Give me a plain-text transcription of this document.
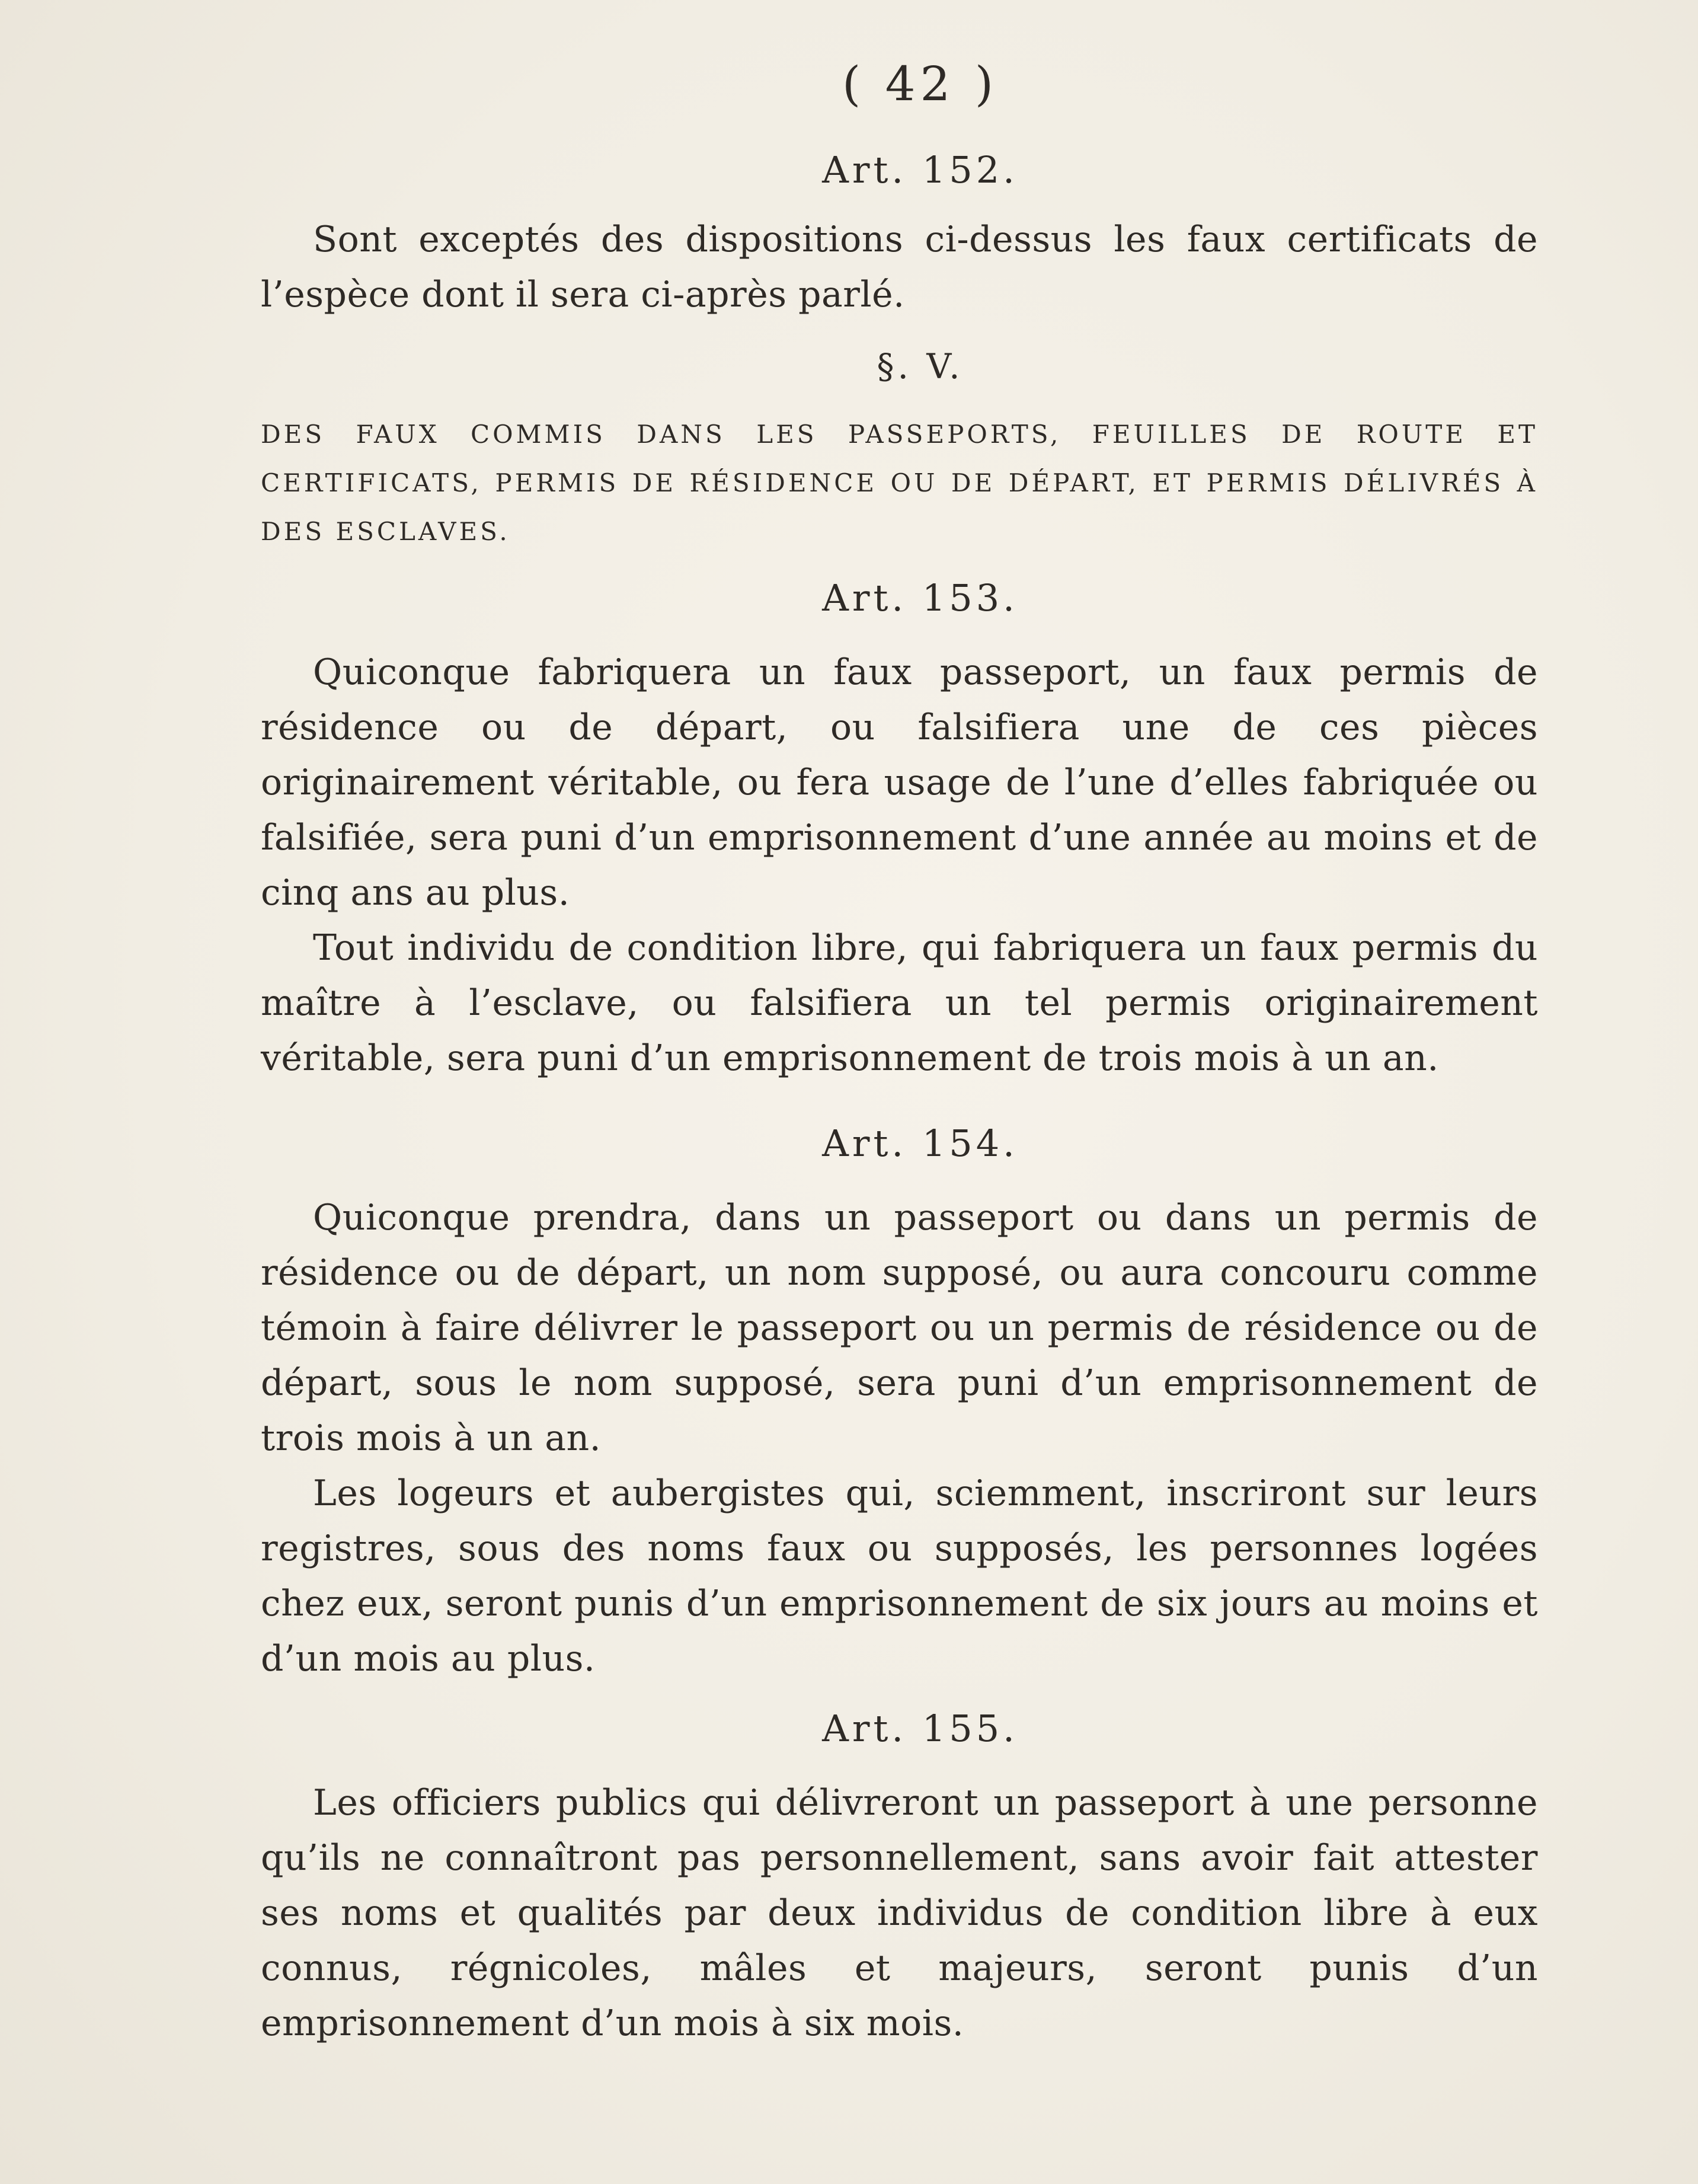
( 42 )
Art. 152.

Sont exceptés des dispositions ci-dessus les faux certificats de l’espèce dont il sera ci-après parlé.

§. V.

DES FAUX COMMIS DANS LES PASSEPORTS, FEUILLES DE ROUTE ET CERTIFICATS, PERMIS DE RÉSIDENCE OU DE DÉPART, ET PERMIS DÉLIVRÉS À DES ESCLAVES.

Art. 153.

Quiconque fabriquera un faux passeport, un faux permis de résidence ou de départ, ou falsifiera une de ces pièces originairement véritable, ou fera usage de l’une d’elles fabriquée ou falsifiée, sera puni d’un emprisonnement d’une année au moins et de cinq ans au plus.

Tout individu de condition libre, qui fabriquera un faux permis du maître à l’esclave, ou falsifiera un tel permis originairement véritable, sera puni d’un emprisonnement de trois mois à un an.

Art. 154.

Quiconque prendra, dans un passeport ou dans un permis de résidence ou de départ, un nom supposé, ou aura concouru comme témoin à faire délivrer le passeport ou un permis de résidence ou de départ, sous le nom supposé, sera puni d’un emprisonnement de trois mois à un an.

Les logeurs et aubergistes qui, sciemment, inscriront sur leurs registres, sous des noms faux ou supposés, les personnes logées chez eux, seront punis d’un emprisonnement de six jours au moins et d’un mois au plus.

Art. 155.

Les officiers publics qui délivreront un passeport à une personne qu’ils ne connaîtront pas personnellement, sans avoir fait attester ses noms et qualités par deux individus de condition libre à eux connus, régnicoles, mâles et majeurs, seront punis d’un emprisonnement d’un mois à six mois.
